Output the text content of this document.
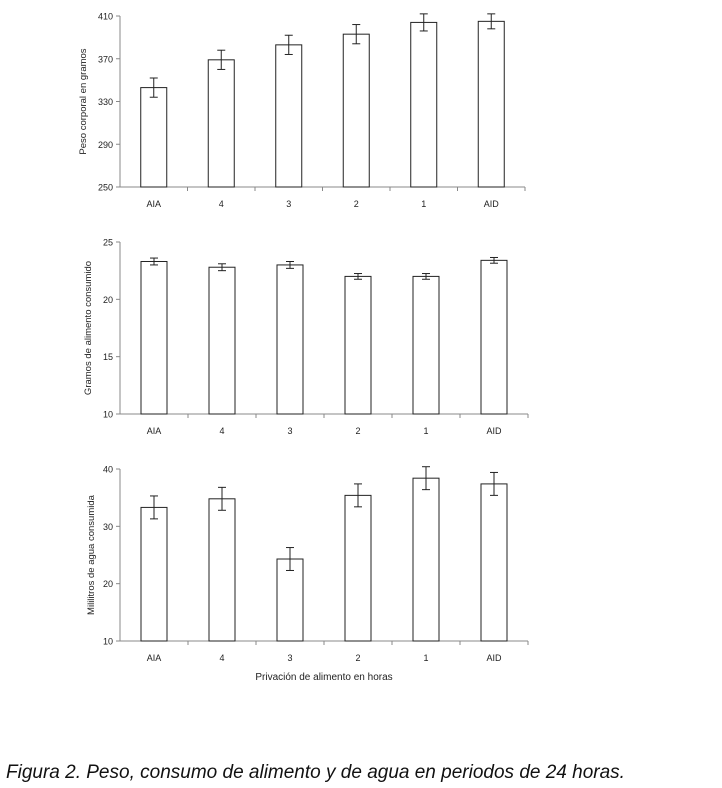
250
290
330
370
410
AIA	4	3	2	1	AID
Peso corporal en gramos
10
15
20
25
AIA	4	3	2	1	AID
Gramos de alimento consumido
10
20
30
40
AIA	4	3	2	1	AID
Mililitros de agua consumida
Privación de alimento en horas
Figura 2. Peso, consumo de alimento y de agua en periodos de 24 horas.
